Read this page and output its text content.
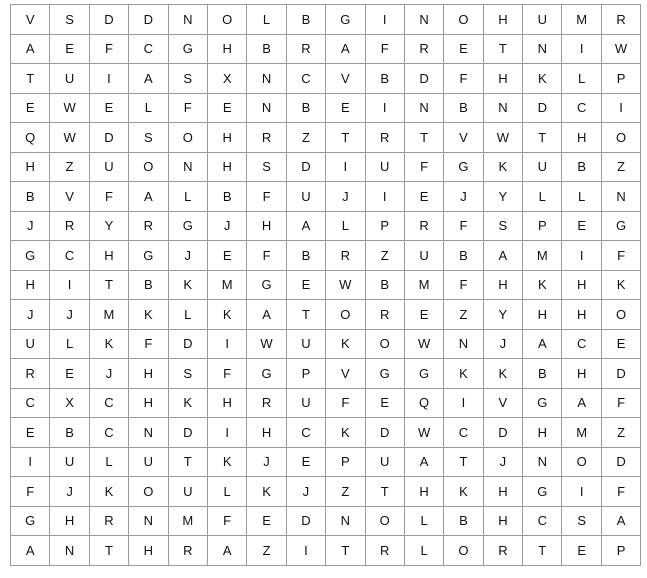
V	S	D	D	N	O	L	B	G	I	N	O	H	U	M	R
A	E	F	C	G	H	B	R	A	F	R	E	T	N	I	W
T	U	I	A	S	X	N	C	V	B	D	F	H	K	L	P
E	W	E	L	F	E	N	B	E	I	N	B	N	D	C	I
Q	W	D	S	O	H	R	Z	T	R	T	V	W	T	H	O
H	Z	U	O	N	H	S	D	I	U	F	G	K	U	B	Z
B	V	F	A	L	B	F	U	J	I	E	J	Y	L	L	N
J	R	Y	R	G	J	H	A	L	P	R	F	S	P	E	G
G	C	H	G	J	E	F	B	R	Z	U	B	A	M	I	F
H	I	T	B	K	M	G	E	W	B	M	F	H	K	H	K
J	J	M	K	L	K	A	T	O	R	E	Z	Y	H	H	O
U	L	K	F	D	I	W	U	K	O	W	N	J	A	C	E
R	E	J	H	S	F	G	P	V	G	G	K	K	B	H	D
C	X	C	H	K	H	R	U	F	E	Q	I	V	G	A	F
E	B	C	N	D	I	H	C	K	D	W	C	D	H	M	Z
I	U	L	U	T	K	J	E	P	U	A	T	J	N	O	D
F	J	K	O	U	L	K	J	Z	T	H	K	H	G	I	F
G	H	R	N	M	F	E	D	N	O	L	B	H	C	S	A
A	N	T	H	R	A	Z	I	T	R	L	O	R	T	E	P
